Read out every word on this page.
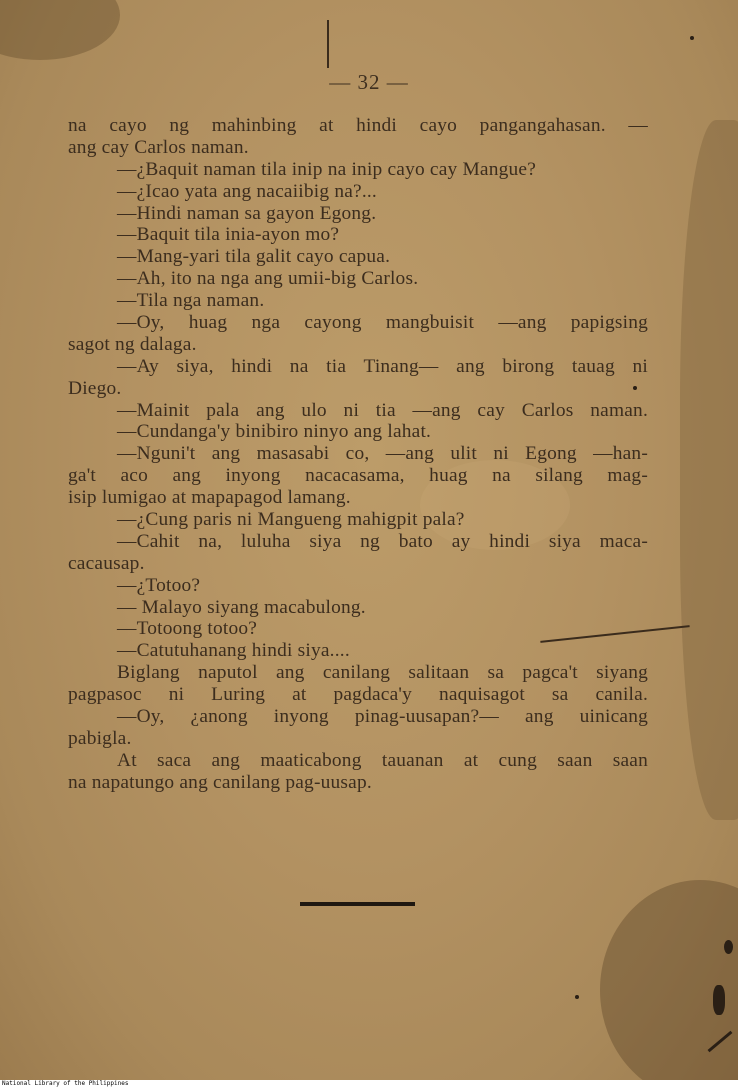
— 32 —
na cayo ng mahinbing at hindi cayo pangangahasan. —
ang cay Carlos naman.
—¿Baquit naman tila inip na inip cayo cay Mangue?
—¿Icao yata ang nacaiibig na?...
—Hindi naman sa gayon Egong.
—Baquit tila inia-ayon mo?
—Mang-yari tila galit cayo capua.
—Ah, ito na nga ang umii-big Carlos.
—Tila nga naman.
—Oy, huag nga cayong mangbuisit —ang papigsing
sagot ng dalaga.
—Ay siya, hindi na tia Tinang— ang birong tauag ni
Diego.
—Mainit pala ang ulo ni tia —ang cay Carlos naman.
—Cundanga'y binibiro ninyo ang lahat.
—Nguni't ang masasabi co, —ang ulit ni Egong —han-
ga't aco ang inyong nacacasama, huag na silang mag-
isip lumigao at mapapagod lamang.
—¿Cung paris ni Mangueng mahigpit pala?
—Cahit na, luluha siya ng bato ay hindi siya maca-
cacausap.
—¿Totoo?
— Malayo siyang macabulong.
—Totoong totoo?
—Catutuhanang hindi siya....
Biglang naputol ang canilang salitaan sa pagca't siyang
pagpasoc ni Luring at pagdaca'y naquisagot sa canila.
—Oy, ¿anong inyong pinag-uusapan?— ang uinicang
pabigla.
At saca ang maaticabong tauanan at cung saan saan
na napatungo ang canilang pag-uusap.
National Library of the Philippines
